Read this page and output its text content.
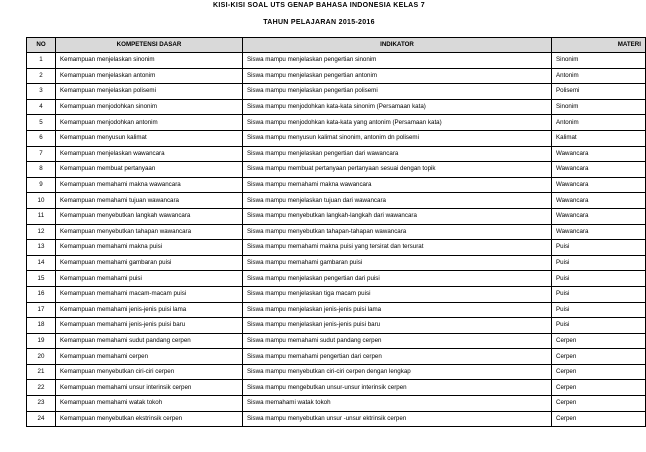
KISI-KISI SOAL UTS GENAP BAHASA INDONESIA KELAS 7
TAHUN PELAJARAN 2015-2016
NO	KOMPETENSI DASAR	INDIKATOR	MATERI
1	Kemampuan menjelaskan sinonim	Siswa mampu menjelaskan pengertian sinonim	Sinonim
2	Kemampuan menjelaskan antonim	Siswa mampu menjelaskan pengertian antonim	Antonim
3	Kemampuan menjelaskan polisemi	Siswa mampu menjelaskan pengertian polisemi	Polisemi
4	Kemampuan menjodohkan sinonim	Siswa mampu menjodohkan kata-kata sinonim (Persamaan kata)	Sinonim
5	Kemampuan menjodohkan antonim	Siswa mampu menjodohkan kata-kata yang antonim (Persamaan kata)	Antonim
6	Kemampuan menyusun kalimat	Siswa mampu menyusun kalimat sinonim, antonim dn polisemi	Kalimat
7	Kemampuan menjelaskan wawancara	Siswa mampu menjelaskan pengertian dari wawancara	Wawancara
8	Kemampuan membuat pertanyaan	Siswa mampu membuat pertanyaan pertanyaan sesuai dengan topik	Wawancara
9	Kemampuan memahami makna wawancara	Siswa mampu memahami makna wawancara	Wawancara
10	Kemampuan memahami tujuan wawancara	Siswa mampu menjelaskan tujuan dari wawancara	Wawancara
11	Kemampuan menyebutkan langkah wawancara	Siswa mampu menyebutkan langkah-langkah dari wawancara	Wawancara
12	Kemampuan menyebutkan tahapan wawancara	Siswa mampu menyebutkan tahapan-tahapan wawancara	Wawancara
13	Kemampuan memahami makna puisi	Siswa mampu memahami makna puisi yang tersirat dan tersurat	Puisi
14	Kemampuan memahami gambaran puisi	Siswa mampu memahami gambaran puisi	Puisi
15	Kemampuan memahami puisi	Siswa mampu menjelaskan pengertian dari puisi	Puisi
16	Kemampuan memahami macam-macam puisi	Siswa mampu menjelaskan tiga macam puisi	Puisi
17	Kemampuan memahami jenis-jenis puisi lama	Siswa mampu menjelaskan jenis-jenis puisi lama	Puisi
18	Kemampuan memahami jenis-jenis puisi baru	Siswa mampu menjelaskan jenis-jenis puisi baru	Puisi
19	Kemampuan memahami sudut pandang cerpen	Siswa mampu memahami sudut pandang cerpen	Cerpen
20	Kemampuan memahami cerpen	Siswa mampu memahami pengertian dari cerpen	Cerpen
21	Kemampuan menyebutkan ciri-ciri cerpen	Siswa mampu menyebutkan ciri-ciri cerpen dengan lengkap	Cerpen
22	Kemampuan memahami unsur interinsik cerpen	Siswa mampu mengebutkan unsur-unsur interinsik cerpen	Cerpen
23	Kemampuan memahami watak tokoh	Siswa memahami watak tokoh	Cerpen
24	Kemampuan menyebutkan ekstrinsik cerpen	Siswa mampu menyebutkan unsur -unsur ektrinsik cerpen	Cerpen
